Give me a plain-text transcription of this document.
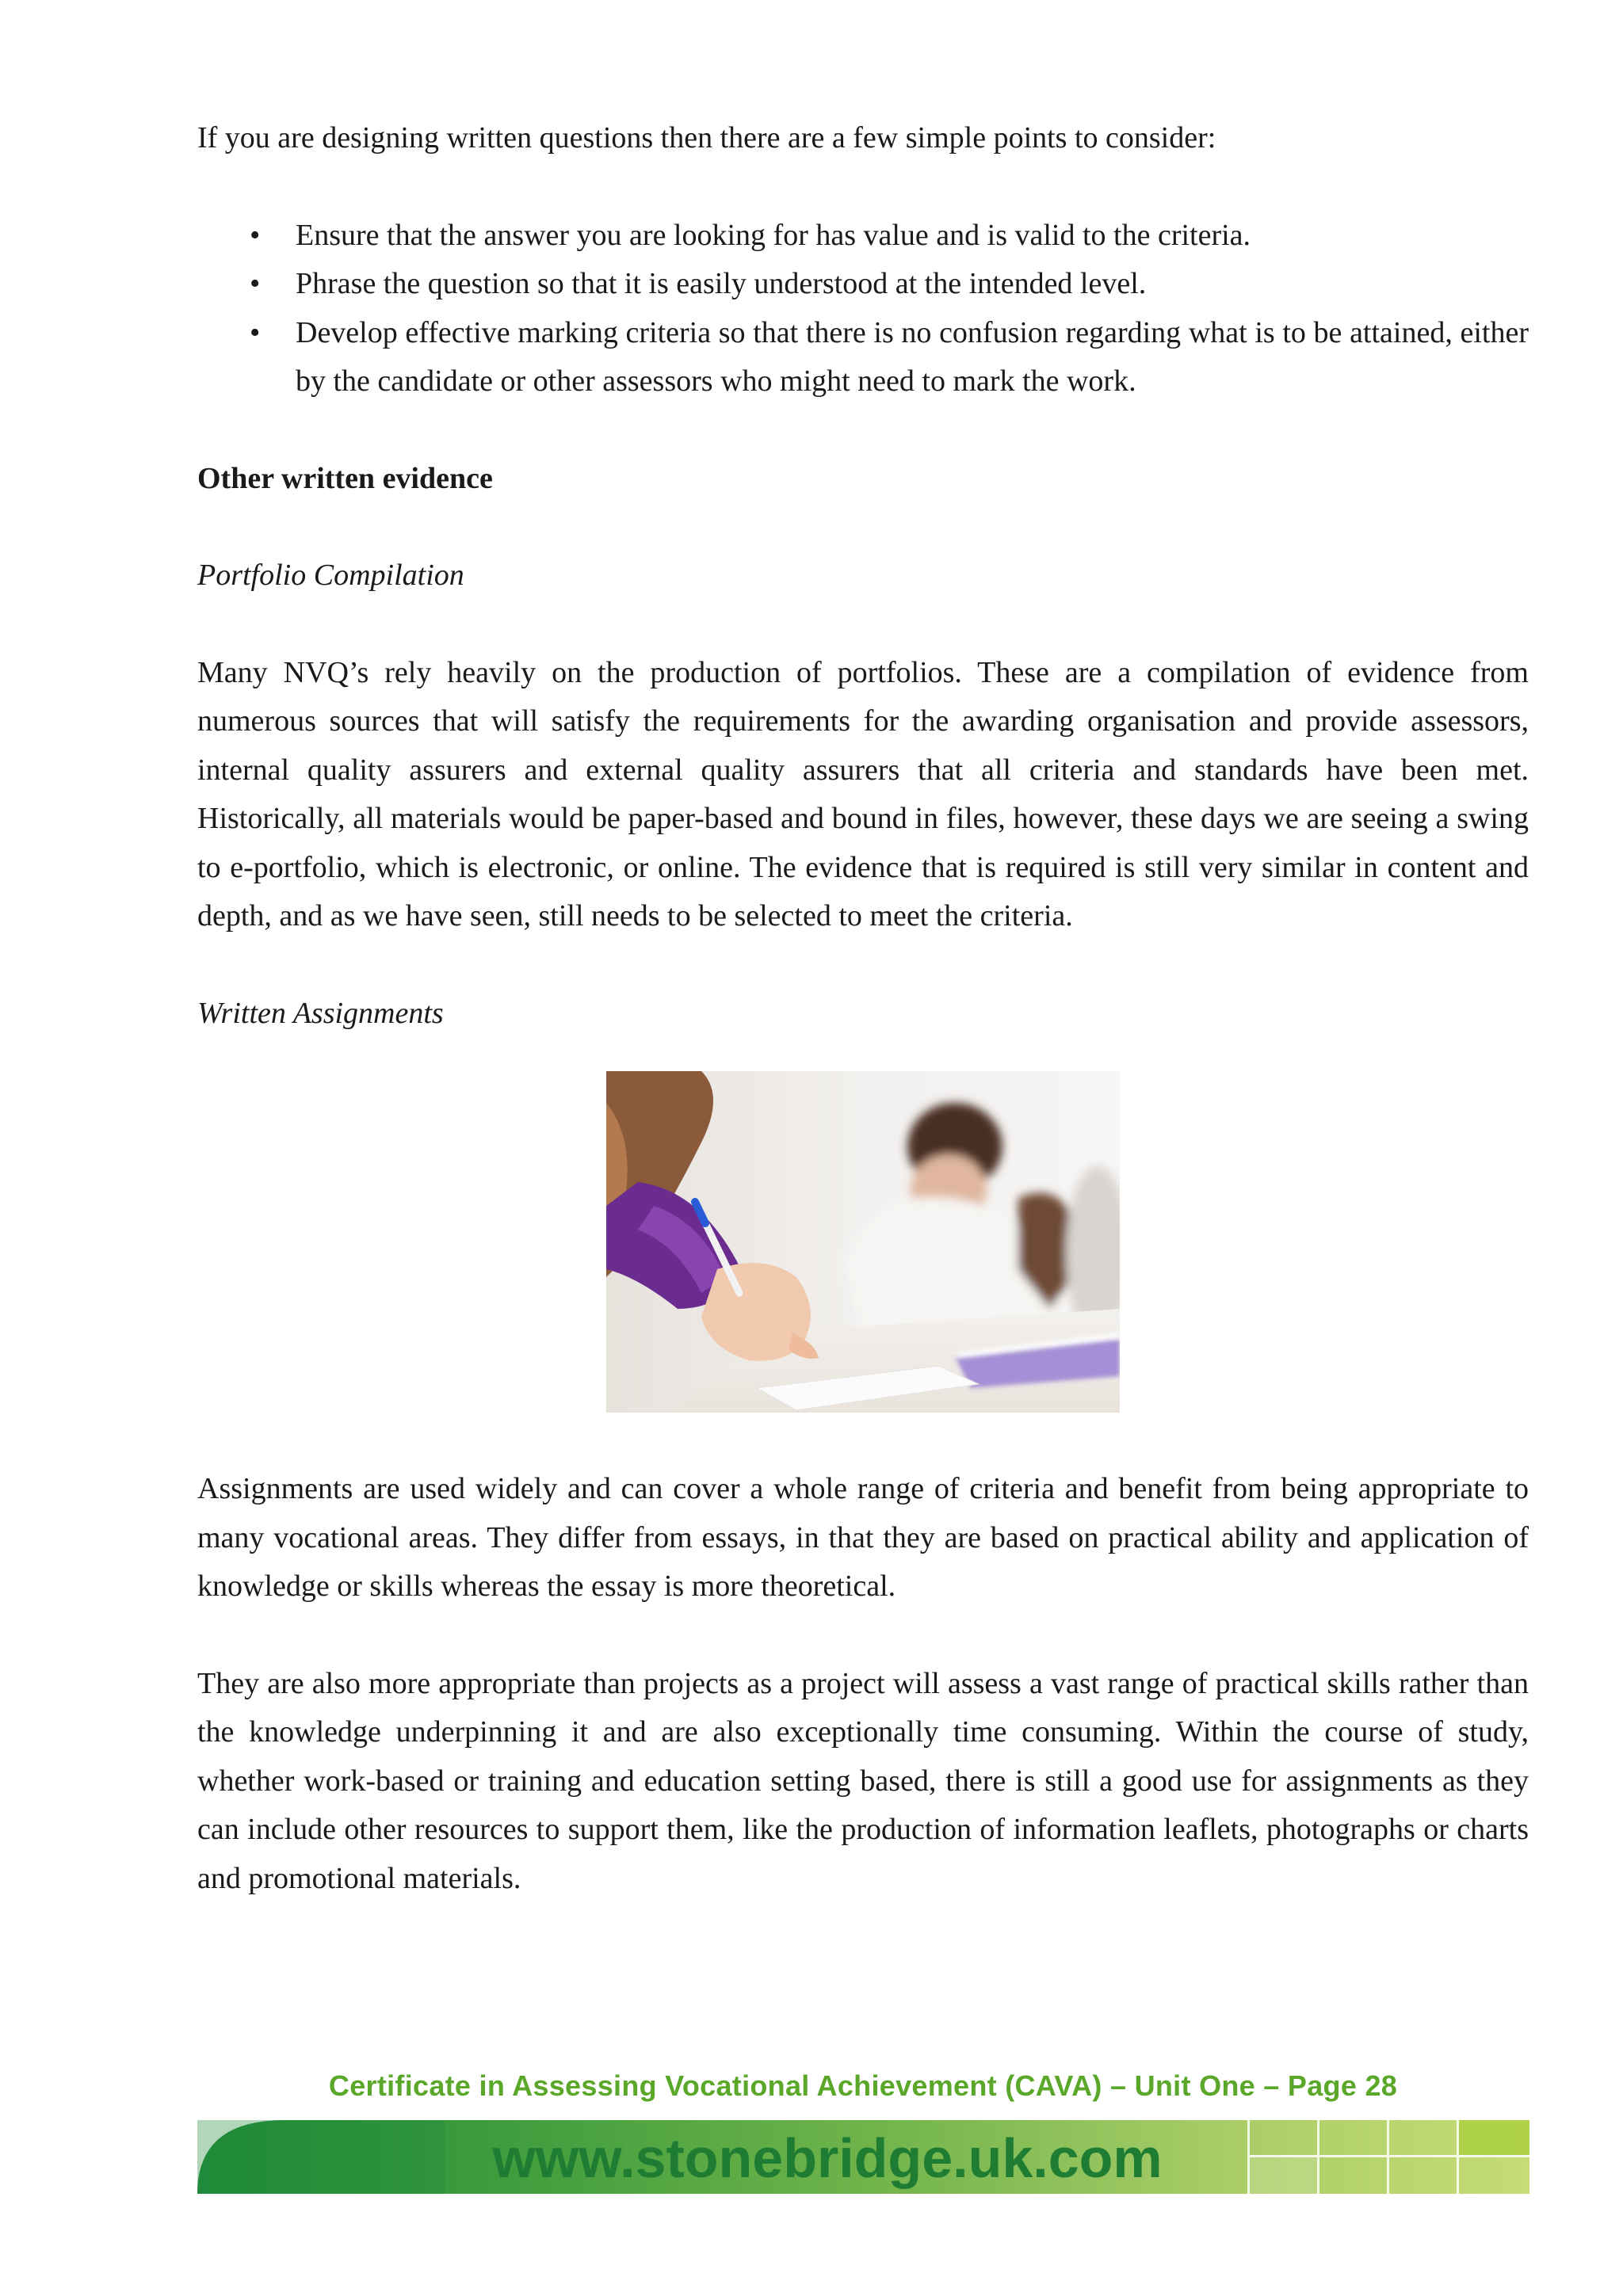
If you are designing written questions then there are a few simple points to consider:

• Ensure that the answer you are looking for has value and is valid to the criteria.
• Phrase the question so that it is easily understood at the intended level.
• Develop effective marking criteria so that there is no confusion regarding what is to be attained, either by the candidate or other assessors who might need to mark the work.

Other written evidence

Portfolio Compilation

Many NVQ’s rely heavily on the production of portfolios. These are a compilation of evidence from numerous sources that will satisfy the requirements for the awarding organisation and provide assessors, internal quality assurers and external quality assurers that all criteria and standards have been met. Historically, all materials would be paper-based and bound in files, however, these days we are seeing a swing to e-portfolio, which is electronic, or online. The evidence that is required is still very similar in content and depth, and as we have seen, still needs to be selected to meet the criteria.

Written Assignments

Assignments are used widely and can cover a whole range of criteria and benefit from being appropriate to many vocational areas. They differ from essays, in that they are based on practical ability and application of knowledge or skills whereas the essay is more theoretical.

They are also more appropriate than projects as a project will assess a vast range of practical skills rather than the knowledge underpinning it and are also exceptionally time consuming. Within the course of study, whether work-based or training and education setting based, there is still a good use for assignments as they can include other resources to support them, like the production of information leaflets, photographs or charts and promotional materials.

Certificate in Assessing Vocational Achievement (CAVA) – Unit One – Page 28
www.stonebridge.uk.com
